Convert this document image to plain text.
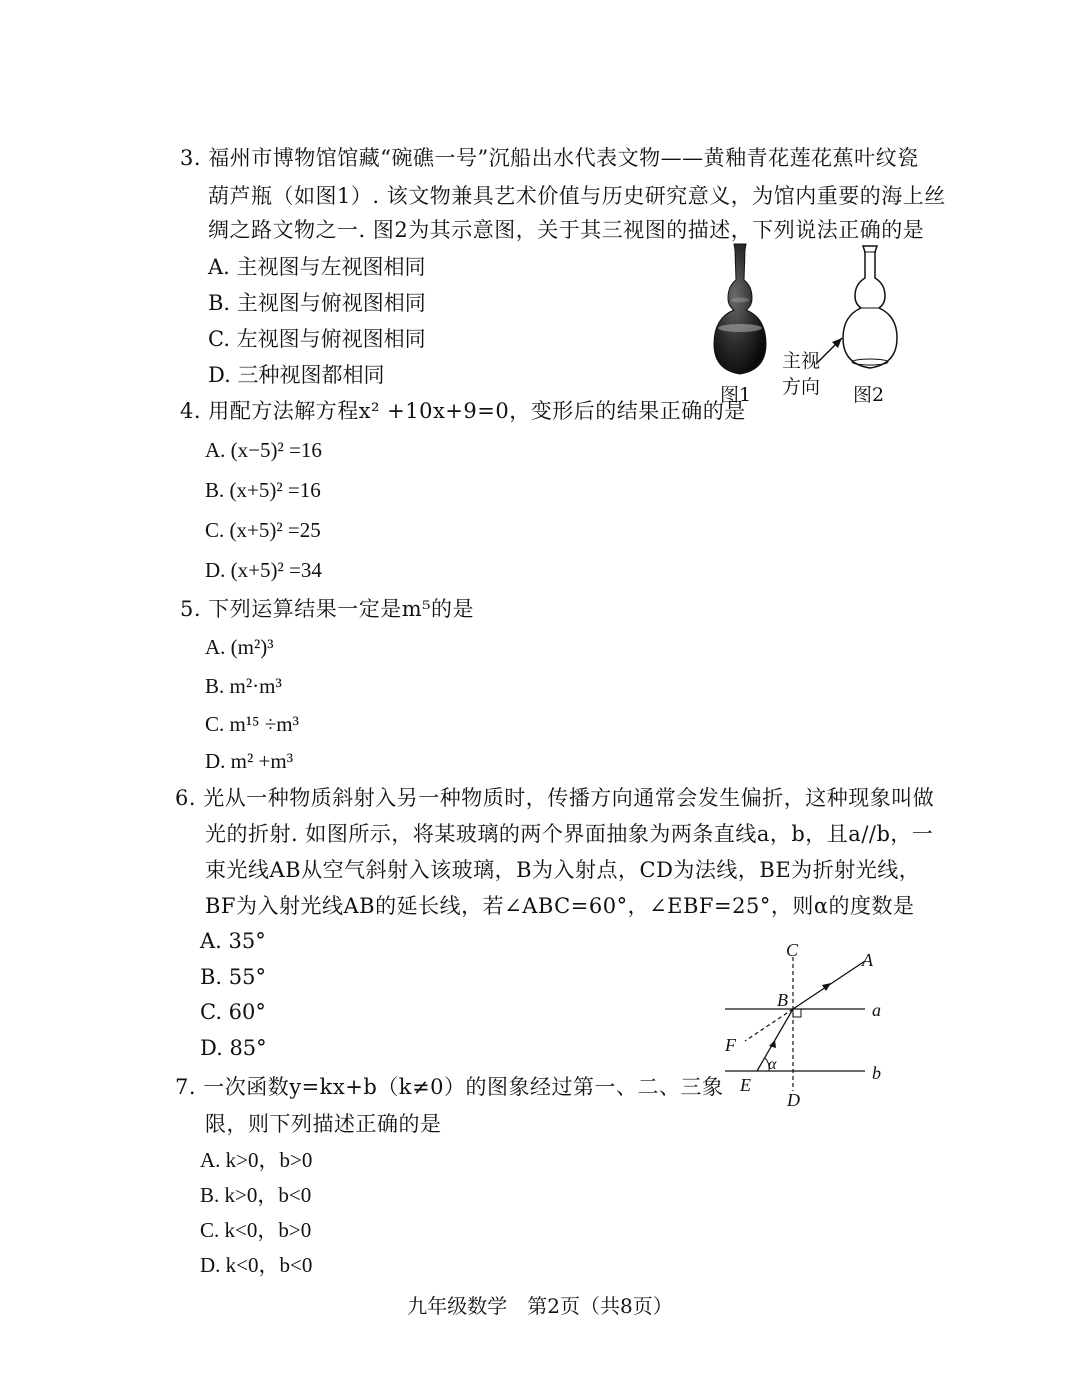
3. 福州市博物馆馆藏“碗礁一号”沉船出水代表文物——黄釉青花莲花蕉叶纹瓷
葫芦瓶（如图1）. 该文物兼具艺术价值与历史研究意义，为馆内重要的海上丝
绸之路文物之一. 图2为其示意图，关于其三视图的描述，下列说法正确的是
A. 主视图与左视图相同
B. 主视图与俯视图相同
C. 左视图与俯视图相同
D. 三种视图都相同
图1
主视
方向 图2
4. 用配方法解方程x² +10x+9=0，变形后的结果正确的是
A. (x−5)² =16
B. (x+5)² =16
C. (x+5)² =25
D. (x+5)² =34
5. 下列运算结果一定是m⁵的是
A. (m²)³
B. m²·m³
C. m¹⁵ ÷m³
D. m² +m³
6. 光从一种物质斜射入另一种物质时，传播方向通常会发生偏折，这种现象叫做
光的折射. 如图所示，将某玻璃的两个界面抽象为两条直线a，b，且a//b，一
束光线AB从空气斜射入该玻璃，B为入射点，CD为法线，BE为折射光线，
BF为入射光线AB的延长线，若∠ABC=60°，∠EBF=25°，则α的度数是
A. 35°
B. 55°
C. 60°
D. 85°
C	A
B	a
F
α
E
b
D
7. 一次函数y=kx+b（k≠0）的图象经过第一、二、三象
限，则下列描述正确的是
A. k>0，b>0
B. k>0，b<0
C. k<0，b>0
D. k<0，b<0
九年级数学　第2页（共8页）
